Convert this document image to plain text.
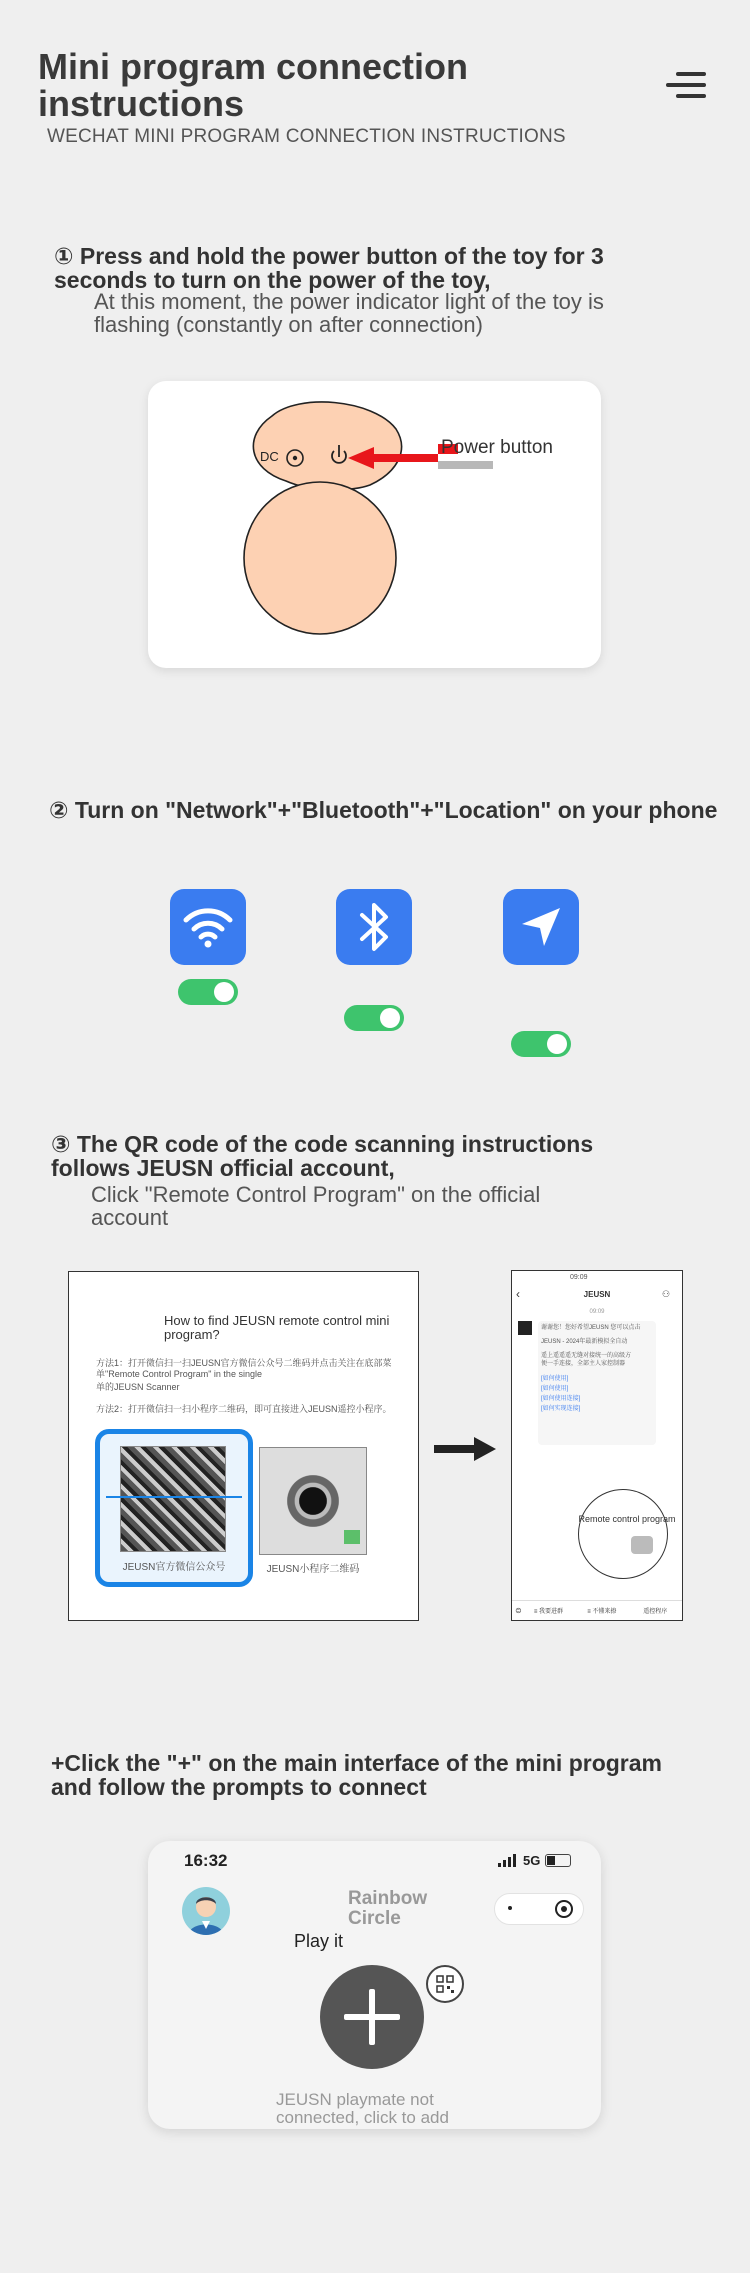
Mini program connection instructions
WECHAT MINI PROGRAM CONNECTION INSTRUCTIONS
① Press and hold the power button of the toy for 3 seconds to turn on the power of the toy,
At this moment, the power indicator light of the toy is flashing (constantly on after connection)
DC	Power button
② Turn on "Network"+"Bluetooth"+"Location" on your phone
③ The QR code of the code scanning instructions follows JEUSN official account,
Click "Remote Control Program" on the official account
How to find JEUSN remote control mini program?
方法1：打开微信扫一扫JEUSN官方微信公众号二维码并点击关注在底部菜单"Remote Control Program" in the single
单的JEUSN Scanner
方法2：打开微信扫一扫小程序二维码，即可直接进入JEUSN遥控小程序。
JEUSN官方微信公众号	JEUSN小程序二维码
09:09
‹	JEUSN	⚇
09:09
谢谢您！您好希望JEUSN 您可以点击
JEUSN - 2024年最新模拟全自动
遥上遥遥遥无缝对接统一的高级方
便一手连接，全部主人家控制器
[如何使用]
[如何使用]
[如何使用连接]
[如何实现连接]
Remote control program
⊜	≡ 我要进群	≡ 不懂来撩	遥控程序
+Click the "+" on the main interface of the mini program and follow the prompts to connect
16:32	5G
Rainbow Circle
Play it
JEUSN playmate not connected, click to add
